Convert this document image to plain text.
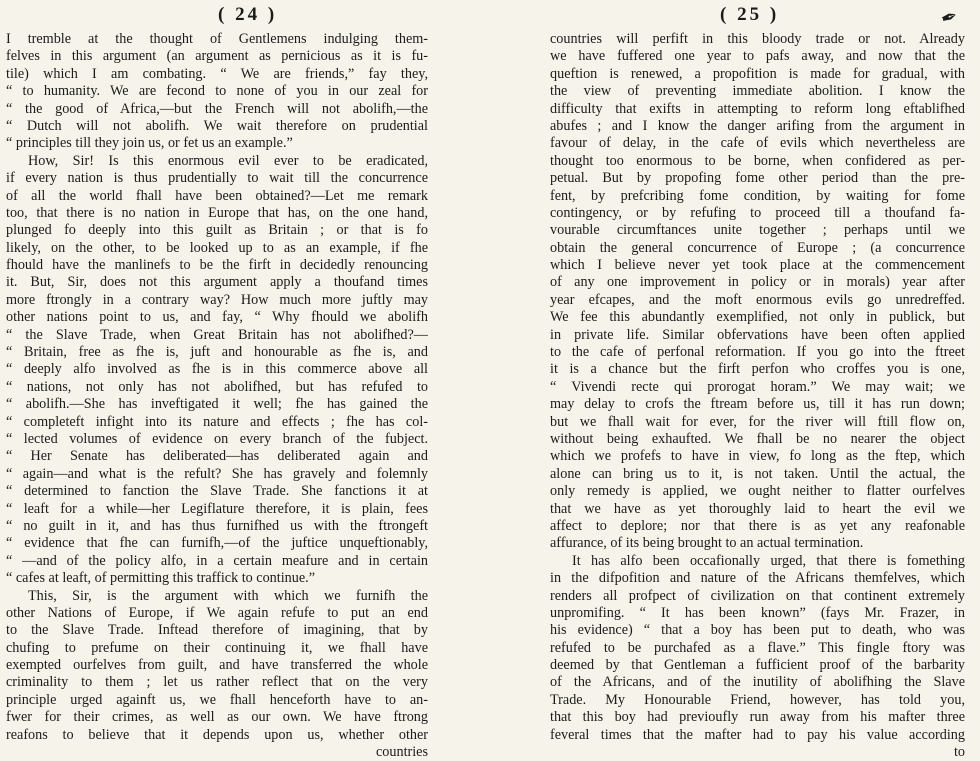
( 24 )
I tremble at the thought of Gentlemens indulging them-
felves in this argument (an argument as pernicious as it is fu-
tile) which I am combating. “ We are friends,” fay they,
“ to humanity. We are fecond to none of you in our zeal for
“ the good of Africa,—but the French will not abolifh,—the
“ Dutch will not abolifh. We wait therefore on prudential
“ principles till they join us, or fet us an example.”
How, Sir! Is this enormous evil ever to be eradicated,
if every nation is thus prudentially to wait till the concurrence
of all the world fhall have been obtained?—Let me remark
too, that there is no nation in Europe that has, on the one hand,
plunged fo deeply into this guilt as Britain ; or that is fo
likely, on the other, to be looked up to as an example, if fhe
fhould have the manlinefs to be the firft in decidedly renouncing
it. But, Sir, does not this argument apply a thoufand times
more ftrongly in a contrary way? How much more juftly may
other nations point to us, and fay, “ Why fhould we abolifh
“ the Slave Trade, when Great Britain has not abolifhed?—
“ Britain, free as fhe is, juft and honourable as fhe is, and
“ deeply alfo involved as fhe is in this commerce above all
“ nations, not only has not abolifhed, but has refufed to
“ abolifh.—She has inveftigated it well; fhe has gained the
“ completeft infight into its nature and effects ; fhe has col-
“ lected volumes of evidence on every branch of the fubject.
“ Her Senate has deliberated—has deliberated again and
“ again—and what is the refult? She has gravely and folemnly
“ determined to fanction the Slave Trade. She fanctions it at
“ leaft for a while—her Legiflature therefore, it is plain, fees
“ no guilt in it, and has thus furnifhed us with the ftrongeft
“ evidence that fhe can furnifh,—of the juftice unqueftionably,
“ —and of the policy alfo, in a certain meafure and in certain
“ cafes at leaft, of permitting this traffick to continue.”
This, Sir, is the argument with which we furnifh the
other Nations of Europe, if We again refufe to put an end
to the Slave Trade. Inftead therefore of imagining, that by
chufing to prefume on their continuing it, we fhall have
exempted ourfelves from guilt, and have transferred the whole
criminality to them ; let us rather reflect that on the very
principle urged againft us, we fhall henceforth have to an-
fwer for their crimes, as well as our own. We have ftrong
reafons to believe that it depends upon us, whether other
countries
( 25 )	✒
countries will perfift in this bloody trade or not. Already
we have fuffered one year to pafs away, and now that the
queftion is renewed, a propofition is made for gradual, with
the view of preventing immediate abolition. I know the
difficulty that exifts in attempting to reform long eftablifhed
abufes ; and I know the danger arifing from the argument in
favour of delay, in the cafe of evils which nevertheless are
thought too enormous to be borne, when confidered as per-
petual. But by propofing fome other period than the pre-
fent, by prefcribing fome condition, by waiting for fome
contingency, or by refufing to proceed till a thoufand fa-
vourable circumftances unite together ; perhaps until we
obtain the general concurrence of Europe ; (a concurrence
which I believe never yet took place at the commencement
of any one improvement in policy or in morals) year after
year efcapes, and the moft enormous evils go unredreffed.
We fee this abundantly exemplified, not only in publick, but
in private life. Similar obfervations have been often applied
to the cafe of perfonal reformation. If you go into the ftreet
it is a chance but the firft perfon who croffes you is one,
“ Vivendi recte qui prorogat horam.” We may wait; we
may delay to crofs the ftream before us, till it has run down;
but we fhall wait for ever, for the river will ftill flow on,
without being exhaufted. We fhall be no nearer the object
which we profefs to have in view, fo long as the ftep, which
alone can bring us to it, is not taken. Until the actual, the
only remedy is applied, we ought neither to flatter ourfelves
that we have as yet thoroughly laid to heart the evil we
affect to deplore; nor that there is as yet any reafonable
affurance, of its being brought to an actual termination.
It has alfo been occafionally urged, that there is fomething
in the difpofition and nature of the Africans themfelves, which
renders all profpect of civilization on that continent extremely
unpromifing. “ It has been known” (fays Mr. Frazer, in
his evidence) “ that a boy has been put to death, who was
refufed to be purchafed as a flave.” This fingle ftory was
deemed by that Gentleman a fufficient proof of the barbarity
of the Africans, and of the inutility of abolifhing the Slave
Trade. My Honourable Friend, however, has told you,
that this boy had previoufly run away from his mafter three
feveral times that the mafter had to pay his value according
to
